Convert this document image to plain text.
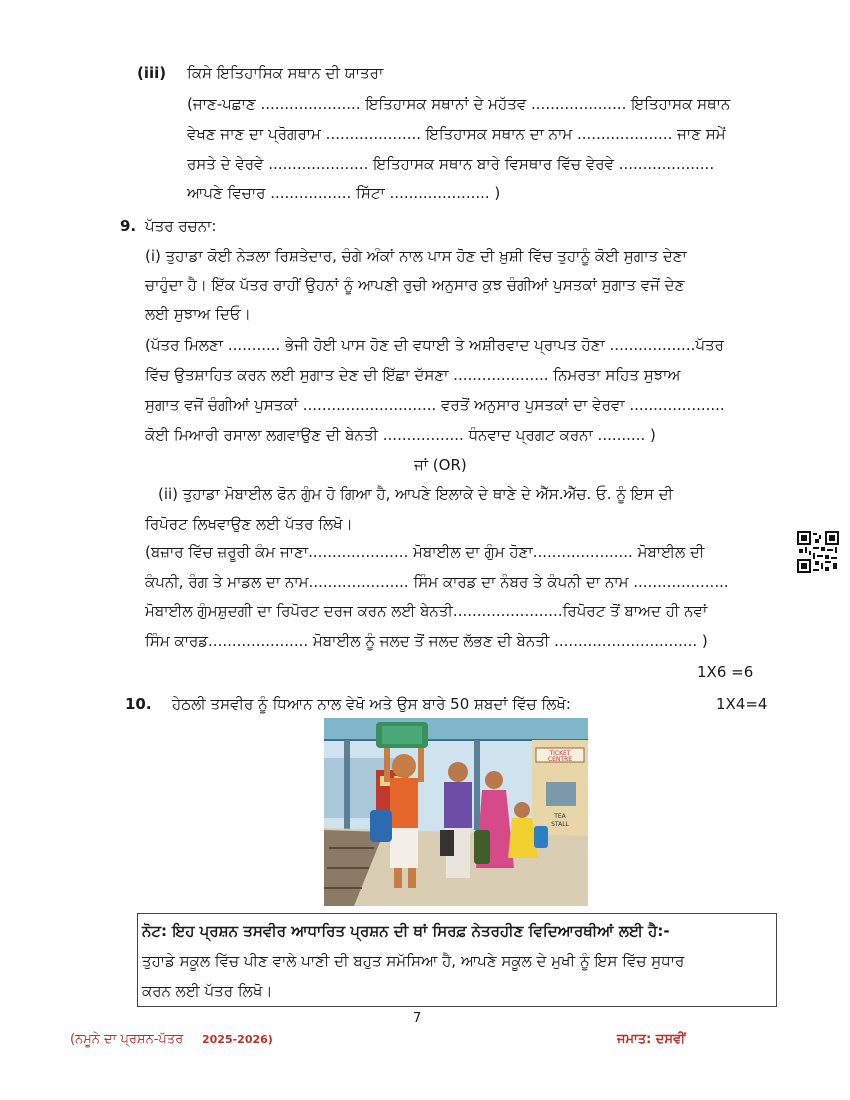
(iii) ਕਿਸੇ ਇਤਿਹਾਸਿਕ ਸਥਾਨ ਦੀ ਯਾਤਰਾ
(ਜਾਣ-ਪਛਾਣ ..................... ਇਤਿਹਾਸਕ ਸਥਾਨਾਂ ਦੇ ਮਹੱਤਵ .................... ਇਤਿਹਾਸਕ ਸਥਾਨ
ਵੇਖਣ ਜਾਣ ਦਾ ਪ੍ਰੋਗਰਾਮ .................... ਇਤਿਹਾਸਕ ਸਥਾਨ ਦਾ ਨਾਮ .................... ਜਾਣ ਸਮੇਂ
ਰਸਤੇ ਦੇ ਵੇਰਵੇ ..................... ਇਤਿਹਾਸਕ ਸਥਾਨ ਬਾਰੇ ਵਿਸਥਾਰ ਵਿੱਚ ਵੇਰਵੇ ....................
ਆਪਣੇ ਵਿਚਾਰ ................. ਸਿੱਟਾ ..................... )
9. ਪੱਤਰ ਰਚਨਾ:
(i) ਤੁਹਾਡਾ ਕੋਈ ਨੇੜਲਾ ਰਿਸ਼ਤੇਦਾਰ, ਚੰਗੇ ਅੰਕਾਂ ਨਾਲ ਪਾਸ ਹੋਣ ਦੀ ਖ਼ੁਸ਼ੀ ਵਿੱਚ ਤੁਹਾਨੂੰ ਕੋਈ ਸੁਗਾਤ ਦੇਣਾ
ਚਾਹੁੰਦਾ ਹੈ। ਇੱਕ ਪੱਤਰ ਰਾਹੀਂ ਉਹਨਾਂ ਨੂੰ ਆਪਣੀ ਰੁਚੀ ਅਨੁਸਾਰ ਕੁਝ ਚੰਗੀਆਂ ਪੁਸਤਕਾਂ ਸੁਗਾਤ ਵਜੋਂ ਦੇਣ
ਲਈ ਸੁਝਾਅ ਦਿਓ।
(ਪੱਤਰ ਮਿਲਣਾ ........... ਭੇਜੀ ਹੋਈ ਪਾਸ ਹੋਣ ਦੀ ਵਧਾਈ ਤੇ ਅਸ਼ੀਰਵਾਦ ਪ੍ਰਾਪਤ ਹੋਣਾ ..................ਪੱਤਰ
ਵਿੱਚ ਉਤਸ਼ਾਹਿਤ ਕਰਨ ਲਈ ਸੁਗਾਤ ਦੇਣ ਦੀ ਇੱਛਾ ਦੱਸਣਾ .................... ਨਿਮਰਤਾ ਸਹਿਤ ਸੁਝਾਅ
ਸੁਗਾਤ ਵਜੋਂ ਚੰਗੀਆਂ ਪੁਸਤਕਾਂ ............................ ਵਰਤੋਂ ਅਨੁਸਾਰ ਪੁਸਤਕਾਂ ਦਾ ਵੇਰਵਾ ....................
ਕੋਈ ਮਿਆਰੀ ਰਸਾਲਾ ਲਗਵਾਉਣ ਦੀ ਬੇਨਤੀ ................. ਧੰਨਵਾਦ ਪ੍ਰਗਟ ਕਰਨਾ .......... )
ਜਾਂ (OR)
(ii) ਤੁਹਾਡਾ ਮੋਬਾਈਲ ਫੋਨ ਗੁੰਮ ਹੋ ਗਿਆ ਹੈ, ਆਪਣੇ ਇਲਾਕੇ ਦੇ ਥਾਣੇ ਦੇ ਐੱਸ.ਐੱਚ. ਓ. ਨੂੰ ਇਸ ਦੀ
ਰਿਪੋਰਟ ਲਿਖਵਾਉਣ ਲਈ ਪੱਤਰ ਲਿਖੋ।
(ਬਜ਼ਾਰ ਵਿੱਚ ਜ਼ਰੂਰੀ ਕੰਮ ਜਾਣਾ..................... ਮੋਬਾਈਲ ਦਾ ਗੁੰਮ ਹੋਣਾ..................... ਮੋਬਾਈਲ ਦੀ
ਕੰਪਨੀ, ਰੰਗ ਤੇ ਮਾਡਲ ਦਾ ਨਾਮ..................... ਸਿੰਮ ਕਾਰਡ ਦਾ ਨੰਬਰ ਤੇ ਕੰਪਨੀ ਦਾ ਨਾਮ ....................
ਮੋਬਾਈਲ ਗੁੰਮਸ਼ੁਦਗੀ ਦਾ ਰਿਪੋਰਟ ਦਰਜ ਕਰਨ ਲਈ ਬੇਨਤੀ.......................ਰਿਪੋਰਟ ਤੋਂ ਬਾਅਦ ਹੀ ਨਵਾਂ
ਸਿੰਮ ਕਾਰਡ..................... ਮੋਬਾਈਲ ਨੂੰ ਜਲਦ ਤੋਂ ਜਲਦ ਲੱਭਣ ਦੀ ਬੇਨਤੀ .............................. )
1X6 =6
10. ਹੇਠਲੀ ਤਸਵੀਰ ਨੂੰ ਧਿਆਨ ਨਾਲ ਵੇਖੋ ਅਤੇ ਉਸ ਬਾਰੇ 50 ਸ਼ਬਦਾਂ ਵਿੱਚ ਲਿਖੋ:	1X4=4
TICKET
CENTRE
TEA
STALL
ਨੋਟ: ਇਹ ਪ੍ਰਸ਼ਨ ਤਸਵੀਰ ਆਧਾਰਿਤ ਪ੍ਰਸ਼ਨ ਦੀ ਥਾਂ ਸਿਰਫ਼ ਨੇਤਰਹੀਣ ਵਿਦਿਆਰਥੀਆਂ ਲਈ ਹੈ:-
ਤੁਹਾਡੇ ਸਕੂਲ ਵਿੱਚ ਪੀਣ ਵਾਲੇ ਪਾਣੀ ਦੀ ਬਹੁਤ ਸਮੱਸਿਆ ਹੈ, ਆਪਣੇ ਸਕੂਲ ਦੇ ਮੁਖੀ ਨੂੰ ਇਸ ਵਿੱਚ ਸੁਧਾਰ
ਕਰਨ ਲਈ ਪੱਤਰ ਲਿਖੋ।
7
(ਨਮੂਨੇ ਦਾ ਪ੍ਰਸ਼ਨ-ਪੱਤਰ 2025-2026)	ਜਮਾਤ: ਦਸਵੀਂ
